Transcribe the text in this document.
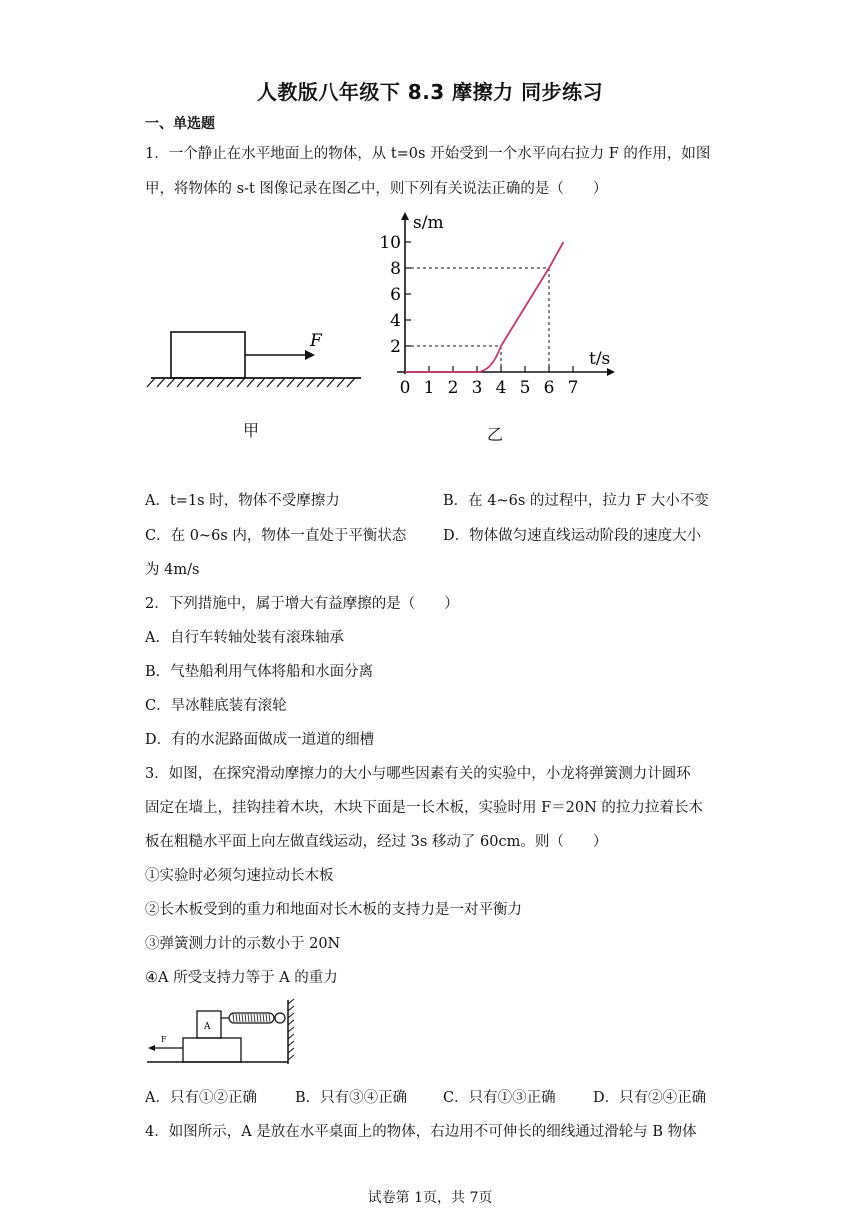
人教版八年级下 8.3 摩擦力 同步练习
一、单选题
1．一个静止在水平地面上的物体，从 t=0s 开始受到一个水平向右拉力 F 的作用，如图
甲，将物体的 s-t 图像记录在图乙中，则下列有关说法正确的是（　　）
F
甲
s/m
t/s
2
4
6
8
10
0 1 2 3 4 5 6 7
乙
A．t=1s 时，物体不受摩擦力	B．在 4~6s 的过程中，拉力 F 大小不变
C．在 0~6s 内，物体一直处于平衡状态	D．物体做匀速直线运动阶段的速度大小
为 4m/s
2．下列措施中，属于增大有益摩擦的是（　　）
A．自行车转轴处装有滚珠轴承
B．气垫船利用气体将船和水面分离
C．旱冰鞋底装有滚轮
D．有的水泥路面做成一道道的细槽
3．如图，在探究滑动摩擦力的大小与哪些因素有关的实验中，小龙将弹簧测力计圆环
固定在墙上，挂钩挂着木块，木块下面是一长木板，实验时用 F＝20N 的拉力拉着长木
板在粗糙水平面上向左做直线运动，经过 3s 移动了 60cm。则（　　）
①实验时必须匀速拉动长木板
②长木板受到的重力和地面对长木板的支持力是一对平衡力
③弹簧测力计的示数小于 20N
④A 所受支持力等于 A 的重力
A
F
A．只有①②正确	B．只有③④正确 C．只有①③正确	D．只有②④正确
4．如图所示，A 是放在水平桌面上的物体，右边用不可伸长的细线通过滑轮与 B 物体
试卷第 1页，共 7页
